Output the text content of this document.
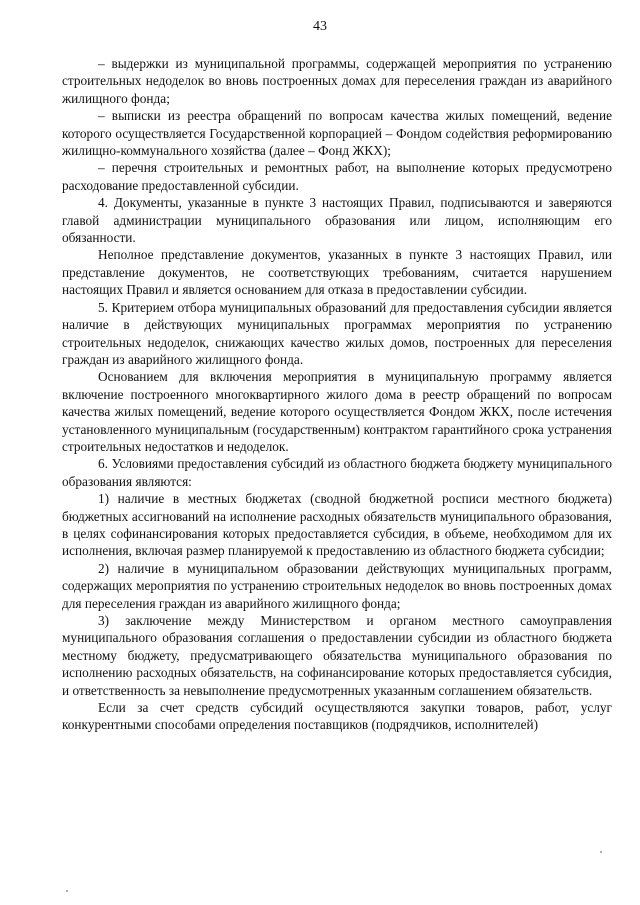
43

– выдержки из муниципальной программы, содержащей мероприятия по устранению строительных недоделок во вновь построенных домах для переселения граждан из аварийного жилищного фонда;

– выписки из реестра обращений по вопросам качества жилых помещений, ведение которого осуществляется Государственной корпорацией – Фондом содействия реформированию жилищно-коммунального хозяйства (далее – Фонд ЖКХ);

– перечня строительных и ремонтных работ, на выполнение которых предусмотрено расходование предоставленной субсидии.

4. Документы, указанные в пункте 3 настоящих Правил, подписываются и заверяются главой администрации муниципального образования или лицом, исполняющим его обязанности.

Неполное представление документов, указанных в пункте 3 настоящих Правил, или представление документов, не соответствующих требованиям, считается нарушением настоящих Правил и является основанием для отказа в предоставлении субсидии.

5. Критерием отбора муниципальных образований для предоставления субсидии является наличие в действующих муниципальных программах мероприятия по устранению строительных недоделок, снижающих качество жилых домов, построенных для переселения граждан из аварийного жилищного фонда.

Основанием для включения мероприятия в муниципальную программу является включение построенного многоквартирного жилого дома в реестр обращений по вопросам качества жилых помещений, ведение которого осуществляется Фондом ЖКХ, после истечения установленного муниципальным (государственным) контрактом гарантийного срока устранения строительных недостатков и недоделок.

6. Условиями предоставления субсидий из областного бюджета бюджету муниципального образования являются:

1) наличие в местных бюджетах (сводной бюджетной росписи местного бюджета) бюджетных ассигнований на исполнение расходных обязательств муниципального образования, в целях софинансирования которых предоставляется субсидия, в объеме, необходимом для их исполнения, включая размер планируемой к предоставлению из областного бюджета субсидии;

2) наличие в муниципальном образовании действующих муниципальных программ, содержащих мероприятия по устранению строительных недоделок во вновь построенных домах для переселения граждан из аварийного жилищного фонда;

3) заключение между Министерством и органом местного самоуправления муниципального образования соглашения о предоставлении субсидии из областного бюджета местному бюджету, предусматривающего обязательства муниципального образования по исполнению расходных обязательств, на софинансирование которых предоставляется субсидия, и ответственность за невыполнение предусмотренных указанным соглашением обязательств.

Если за счет средств субсидий осуществляются закупки товаров, работ, услуг конкурентными способами определения поставщиков (подрядчиков, исполнителей)
